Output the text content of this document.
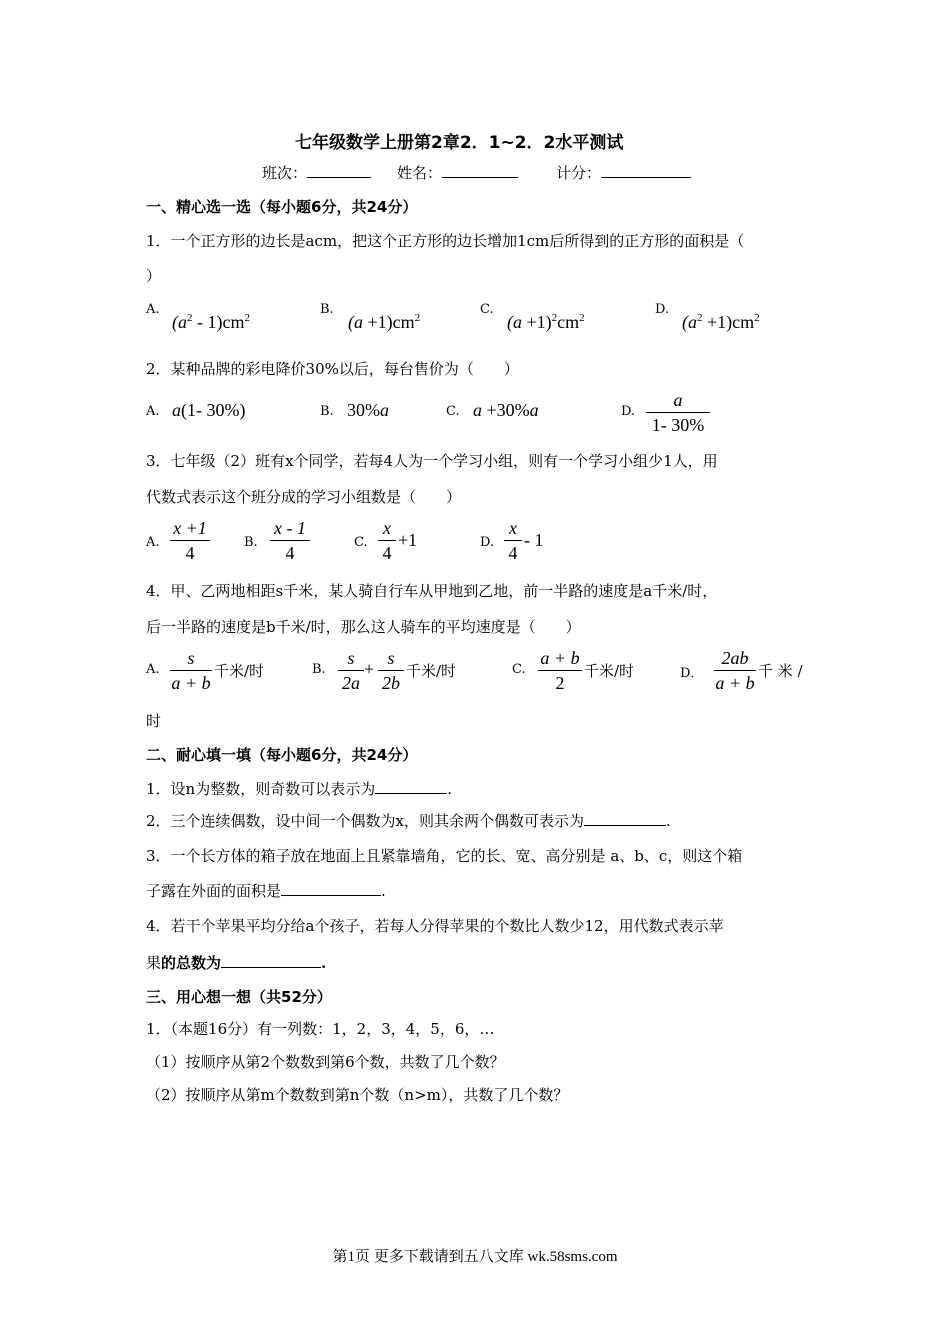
七年级数学上册第2章2．1~2．2水平测试
班次：	姓名：	计分：
一、精心选一选（每小题6分，共24分）
1．一个正方形的边长是acm，把这个正方形的边长增加1cm后所得到的正方形的面积是（
）
A.
$(a^2 - 1)cm^2$
B.
$(a +1)cm^2$
C.
$(a +1)^2cm^2$
D.
$(a^2 +1)cm^2$
2．某种品牌的彩电降价30%以后，每台售价为（　　）
A. a(1- 30%)	B. 30%a	C. a +30%a	D.
a
1- 30%
3．七年级（2）班有x个同学，若每4人为一个学习小组，则有一个学习小组少1人，用
代数式表示这个班分成的学习小组数是（　　）
A.
x +1
4
B.
x - 1
4
C.
x
4
+1	D.
x
4
- 1
4．甲、乙两地相距s千米，某人骑自行车从甲地到乙地，前一半路的速度是a千米/时，
后一半路的速度是b千米/时，那么这人骑车的平均速度是（　　）
A.
s
a + b
千米/时	B.
s
2a
+
s
2b
千米/时	C.
a + b
2
千米/时	D．
2ab
a + b
千 米 /
时
二、耐心填一填（每小题6分，共24分）
1．设n为整数，则奇数可以表示为	.
2．三个连续偶数，设中间一个偶数为x，则其余两个偶数可表示为	.
3．一个长方体的箱子放在地面上且紧靠墙角，它的长、宽、高分别是 a、b、c，则这个箱
子露在外面的面积是	.
4．若干个苹果平均分给a个孩子，若每人分得苹果的个数比人数少12，用代数式表示苹
果的总数为	.
三、用心想一想（共52分）
1．（本题16分）有一列数：1，2，3，4，5，6，…
（1）按顺序从第2个数数到第6个数，共数了几个数？
（2）按顺序从第m个数数到第n个数（n>m），共数了几个数？
第1页 更多下载请到五八文库 wk.58sms.com
